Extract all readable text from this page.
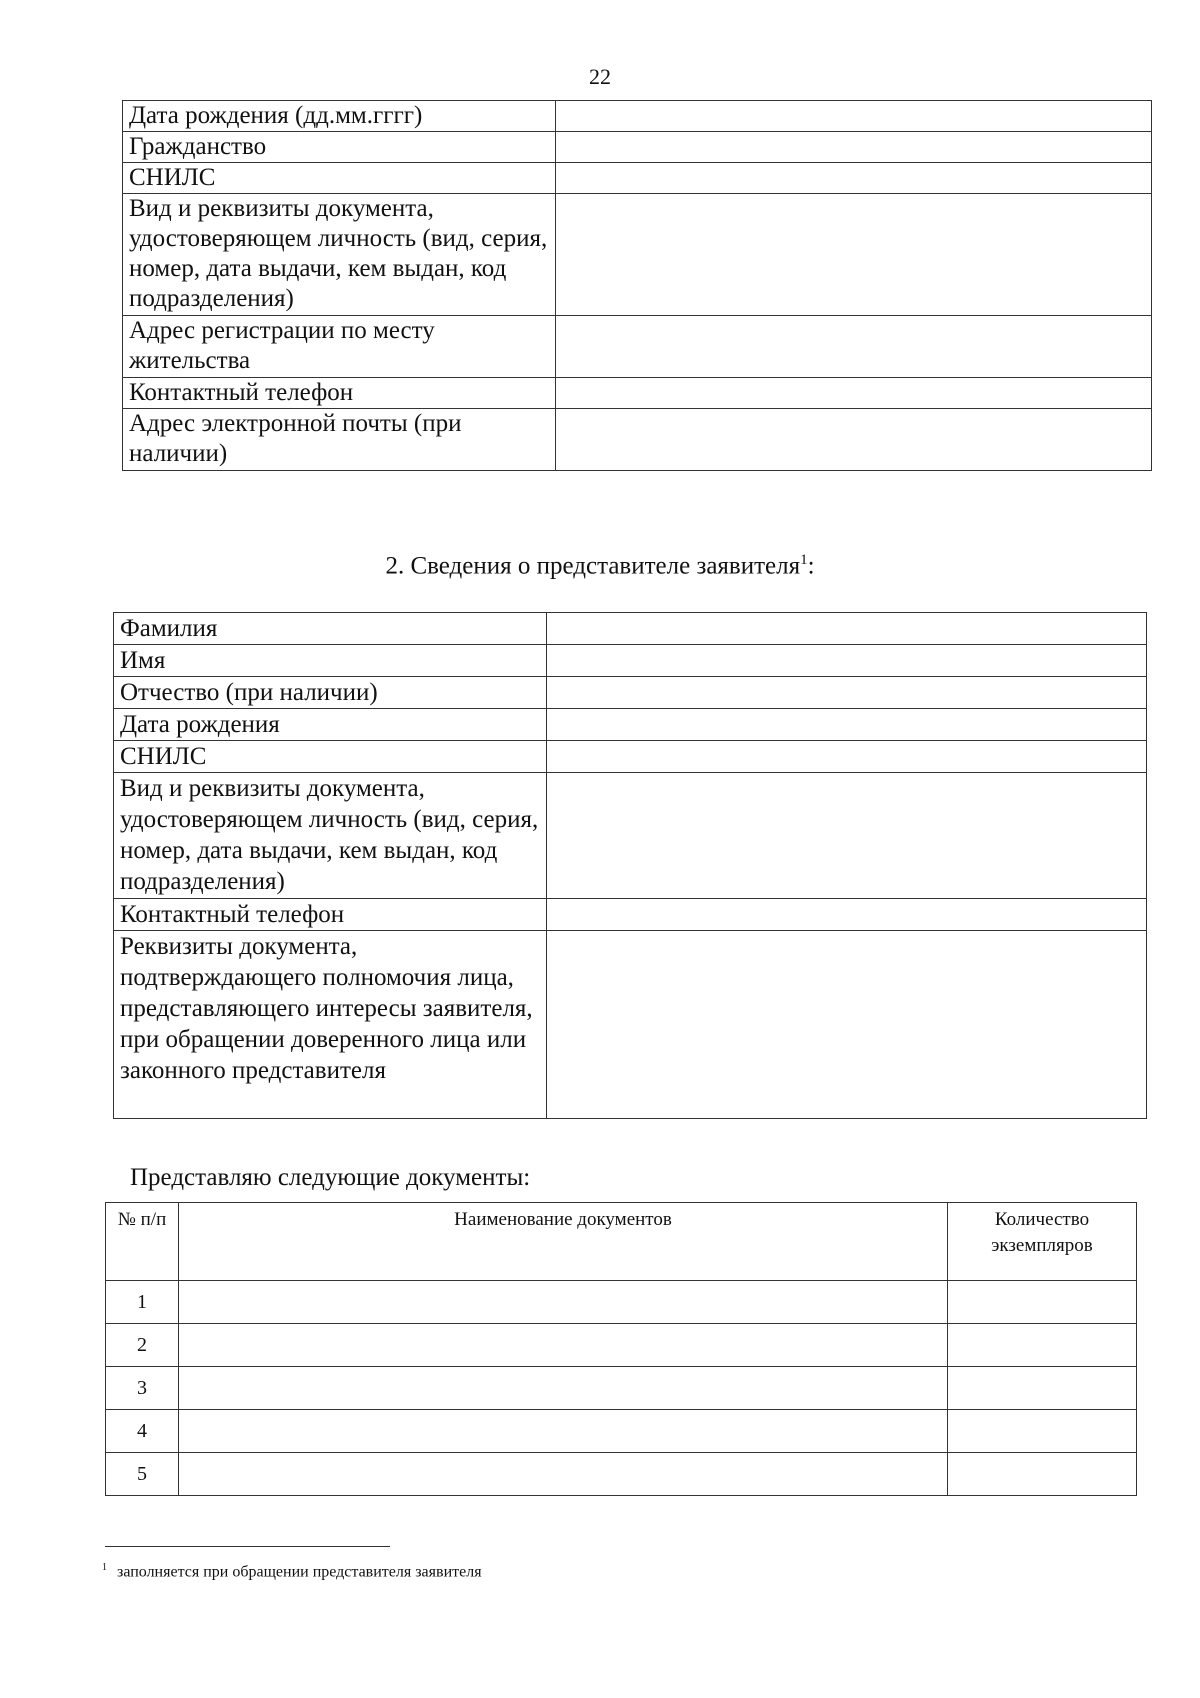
22
Дата рождения (дд.мм.гггг)	
Гражданство	
СНИЛС	
Вид и реквизиты документа, удостоверяющем личность (вид, серия, номер, дата выдачи, кем выдан, код подразделения)	
Адрес регистрации по месту жительства	
Контактный телефон	
Адрес электронной почты (при наличии)	
2. Сведения о представителе заявителя$^1$:
Фамилия	
Имя	
Отчество (при наличии)	
Дата рождения	
СНИЛС	
Вид и реквизиты документа, удостоверяющем личность (вид, серия, номер, дата выдачи, кем выдан, код подразделения)	
Контактный телефон	
Реквизиты документа, подтверждающего полномочия лица, представляющего интересы заявителя, при обращении доверенного лица или законного представителя	
Представляю следующие документы:
№ п/п	Наименование документов	Количество экземпляров
1		
2		
3		
4		
5		
$^1$ заполняется при обращении представителя заявителя
